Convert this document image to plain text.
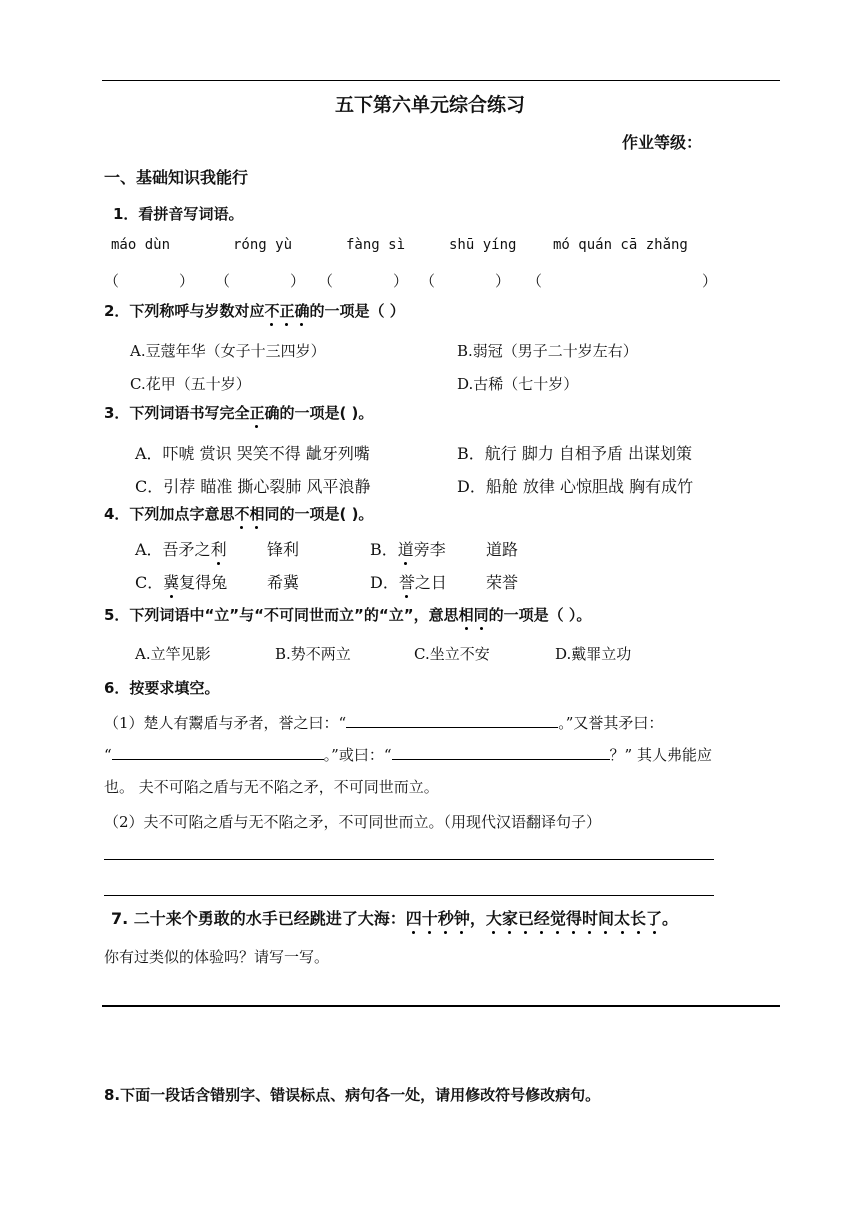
五下第六单元综合练习
作业等级：
一、基础知识我能行
1．看拼音写词语。
máo dùn	róng yù	fàng sì	shū yíng	mó quán cā zhǎng
（	） （	） （	） （	） （	）
2．下列称呼与岁数对应不正确的一项是（ ）
A.豆蔻年华（女子十三四岁）	B.弱冠（男子二十岁左右）
C.花甲（五十岁）	D.古稀（七十岁）
3．下列词语书写完全正确的一项是( )。
A．吓唬 赏识 哭笑不得 龇牙列嘴	B．航行 脚力 自相予盾 出谋划策
C．引荐 瞄准 撕心裂肺 风平浪静	D．船舱 放律 心惊胆战 胸有成竹
4．下列加点字意思不相同的一项是( )。
A．吾矛之利	锋利	B．道旁李	道路
C．冀复得兔 希冀	D．誉之日 荣誉
5．下列词语中“立”与“不可同世而立”的“立”，意思相同的一项是（ ）。
A.立竿见影	B.势不两立	C.坐立不安	D.戴罪立功
6．按要求填空。
（1）楚人有鬻盾与矛者，誉之曰：“	。”又誉其矛曰：
“	。”或曰：“	？” 其人弗能应
也。 夫不可陷之盾与无不陷之矛，不可同世而立。
（2）夫不可陷之盾与无不陷之矛，不可同世而立。（用现代汉语翻译句子）
7. 二十来个勇敢的水手已经跳进了大海：四十秒钟，大家已经觉得时间太长了。
你有过类似的体验吗？请写一写。
8.下面一段话含错别字、错误标点、病句各一处，请用修改符号修改病句。
